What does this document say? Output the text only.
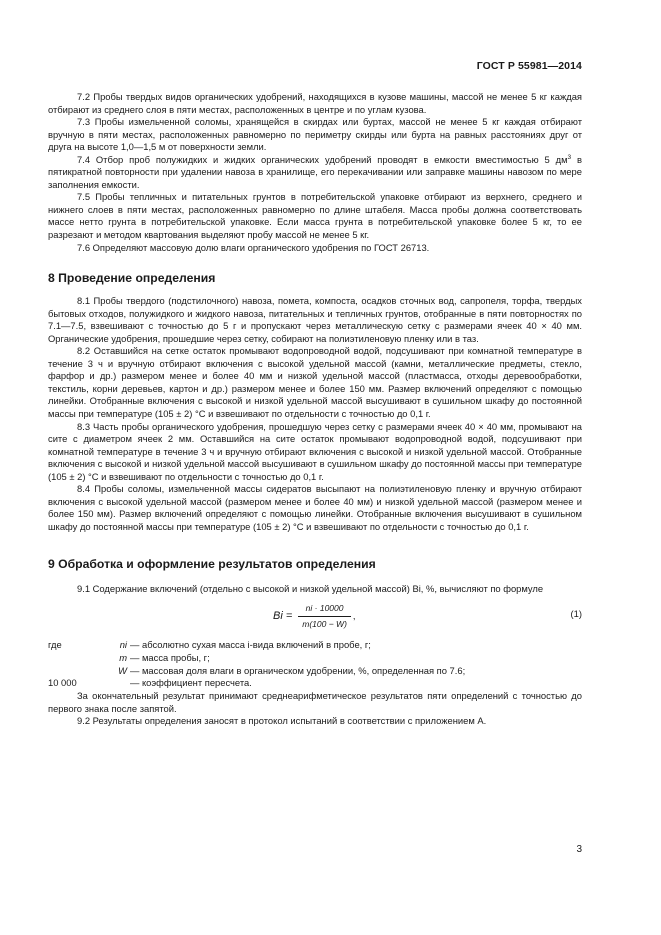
ГОСТ Р 55981—2014

7.2 Пробы твердых видов органических удобрений, находящихся в кузове машины, массой не менее 5 кг каждая отбирают из среднего слоя в пяти местах, расположенных в центре и по углам кузова.

7.3 Пробы измельченной соломы, хранящейся в скирдах или буртах, массой не менее 5 кг каждая отбирают вручную в пяти местах, расположенных равномерно по периметру скирды или бурта на равных расстояниях друг от друга на высоте 1,0—1,5 м от поверхности земли.

7.4 Отбор проб полужидких и жидких органических удобрений проводят в емкости вместимостью 5 $дм^3$ в пятикратной повторности при удалении навоза в хранилище, его перекачивании или заправке машины навозом по мере заполнения емкости.

7.5 Пробы тепличных и питательных грунтов в потребительской упаковке отбирают из верхнего, среднего и нижнего слоев в пяти местах, расположенных равномерно по длине штабеля. Масса пробы должна соответствовать массе нетто грунта в потребительской упаковке. Если масса грунта в потребительской упаковке более 5 кг, то ее разрезают и методом квартования выделяют пробу массой не менее 5 кг.

7.6 Определяют массовую долю влаги органического удобрения по ГОСТ 26713.

8 Проведение определения

8.1 Пробы твердого (подстилочного) навоза, помета, компоста, осадков сточных вод, сапропеля, торфа, твердых бытовых отходов, полужидкого и жидкого навоза, питательных и тепличных грунтов, отобранные в пяти повторностях по 7.1—7.5, взвешивают с точностью до 5 г и пропускают через металлическую сетку с размерами ячеек 40 × 40 мм. Органические удобрения, прошедшие через сетку, собирают на полиэтиленовую пленку или в таз.

8.2 Оставшийся на сетке остаток промывают водопроводной водой, подсушивают при комнатной температуре в течение 3 ч и вручную отбирают включения с высокой удельной массой (камни, металлические предметы, стекло, фарфор и др.) размером менее и более 40 мм и низкой удельной массой (пластмасса, отходы деревообработки, текстиль, корни деревьев, картон и др.) размером менее и более 150 мм. Размер включений определяют с помощью линейки. Отобранные включения с высокой и низкой удельной массой высушивают в сушильном шкафу до постоянной массы при температуре (105 ± 2) °С и взвешивают по отдельности с точностью до 0,1 г.

8.3 Часть пробы органического удобрения, прошедшую через сетку с размерами ячеек 40 × 40 мм, промывают на сите с диаметром ячеек 2 мм. Оставшийся на сите остаток промывают водопроводной водой, подсушивают при комнатной температуре в течение 3 ч и вручную отбирают включения с высокой и низкой удельной массой. Отобранные включения с высокой и низкой удельной массой высушивают в сушильном шкафу до постоянной массы при температуре (105 ± 2) °С и взвешивают по отдельности с точностью до 0,1 г.

8.4 Пробы соломы, измельченной массы сидератов высыпают на полиэтиленовую пленку и вручную отбирают включения с высокой удельной массой (размером менее и более 40 мм) и низкой удельной массой (размером менее и более 150 мм). Размер включений определяют с помощью линейки. Отобранные включения высушивают в сушильном шкафу до постоянной массы при температуре (105 ± 2) °С и взвешивают по отдельности с точностью до 0,1 г.

9 Обработка и оформление результатов определения

9.1 Содержание включений (отдельно с высокой и низкой удельной массой) Bi, %, вычисляют по формуле

$Bi = \frac{ni \cdot 10000}{m(100 - W)}$ ,	(1)
где	ni — абсолютно сухая масса i-вида включений в пробе, г;
m — масса пробы, г;
W — массовая доля влаги в органическом удобрении, %, определенная по 7.6;
10 000	— коэффициент пересчета.

За окончательный результат принимают среднеарифметическое результатов пяти определений с точностью до первого знака после запятой.

9.2 Результаты определения заносят в протокол испытаний в соответствии с приложением А.

3
